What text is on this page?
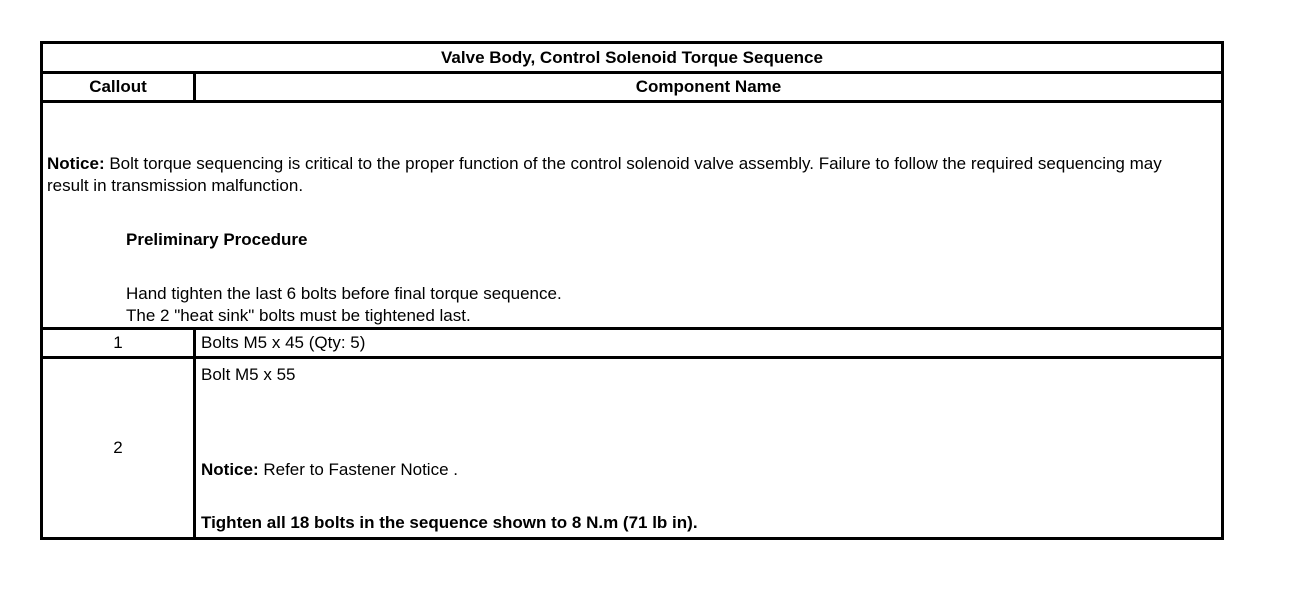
Valve Body, Control Solenoid Torque Sequence	
Callout	Component Name

Notice: Bolt torque sequencing is critical to the proper function of the control solenoid valve assembly. Failure to follow the required sequencing may result in transmission malfunction.
Preliminary Procedure
Hand tighten the last 6 bolts before final torque sequence.
The 2 "heat sink" bolts must be tightened last.	

1	Bolts M5 x 45 (Qty: 5)
2	Bolt M5 x 55
Notice: Refer to Fastener Notice .
Tighten all 18 bolts in the sequence shown to 8 N.m (71 lb in).
